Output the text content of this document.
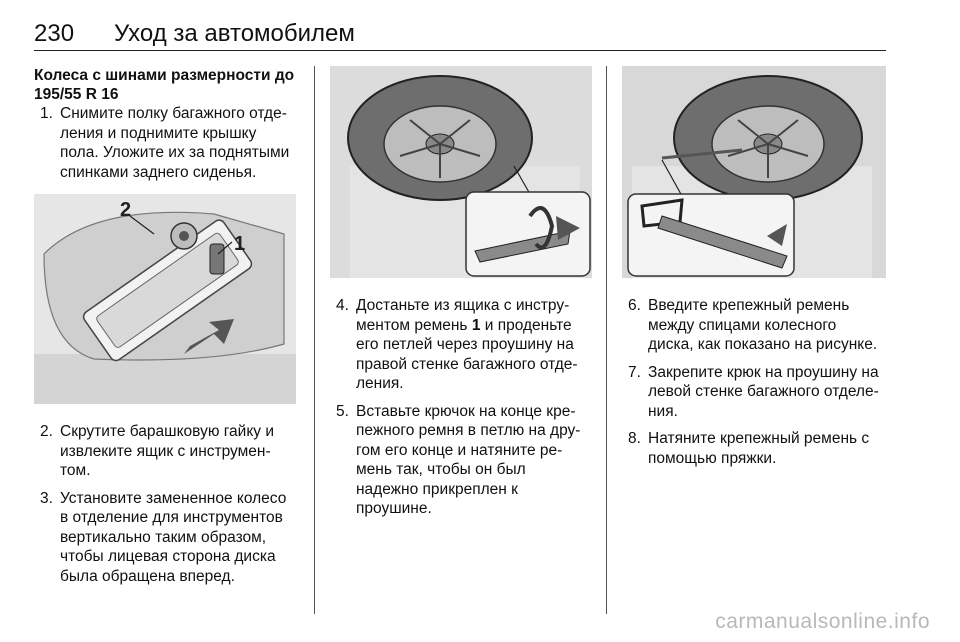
230 Уход за автомобилем
Колеса с шинами размерности до 195/55 R 16
1. Снимите полку багажного отде-ления и поднимите крышку пола. Уложите их за поднятыми спинками заднего сиденья.
2
1
2. Скрутите барашковую гайку и извлеките ящик с инструмен-том.
3. Установите замененное колесо в отделение для инструментов вертикально таким образом, чтобы лицевая сторона диска была обращена вперед.
4. Достаньте из ящика с инстру-ментом ремень 1 и проденьте его петлей через проушину на правой стенке багажного отде-ления.
5. Вставьте крючок на конце кре-пежного ремня в петлю на дру-гом его конце и натяните ре-мень так, чтобы он был надежно прикреплен к проушине.
6. Введите крепежный ремень между спицами колесного диска, как показано на рисунке.
7. Закрепите крюк на проушину на левой стенке багажного отделе-ния.
8. Натяните крепежный ремень с помощью пряжки.
carmanualsonline.info
